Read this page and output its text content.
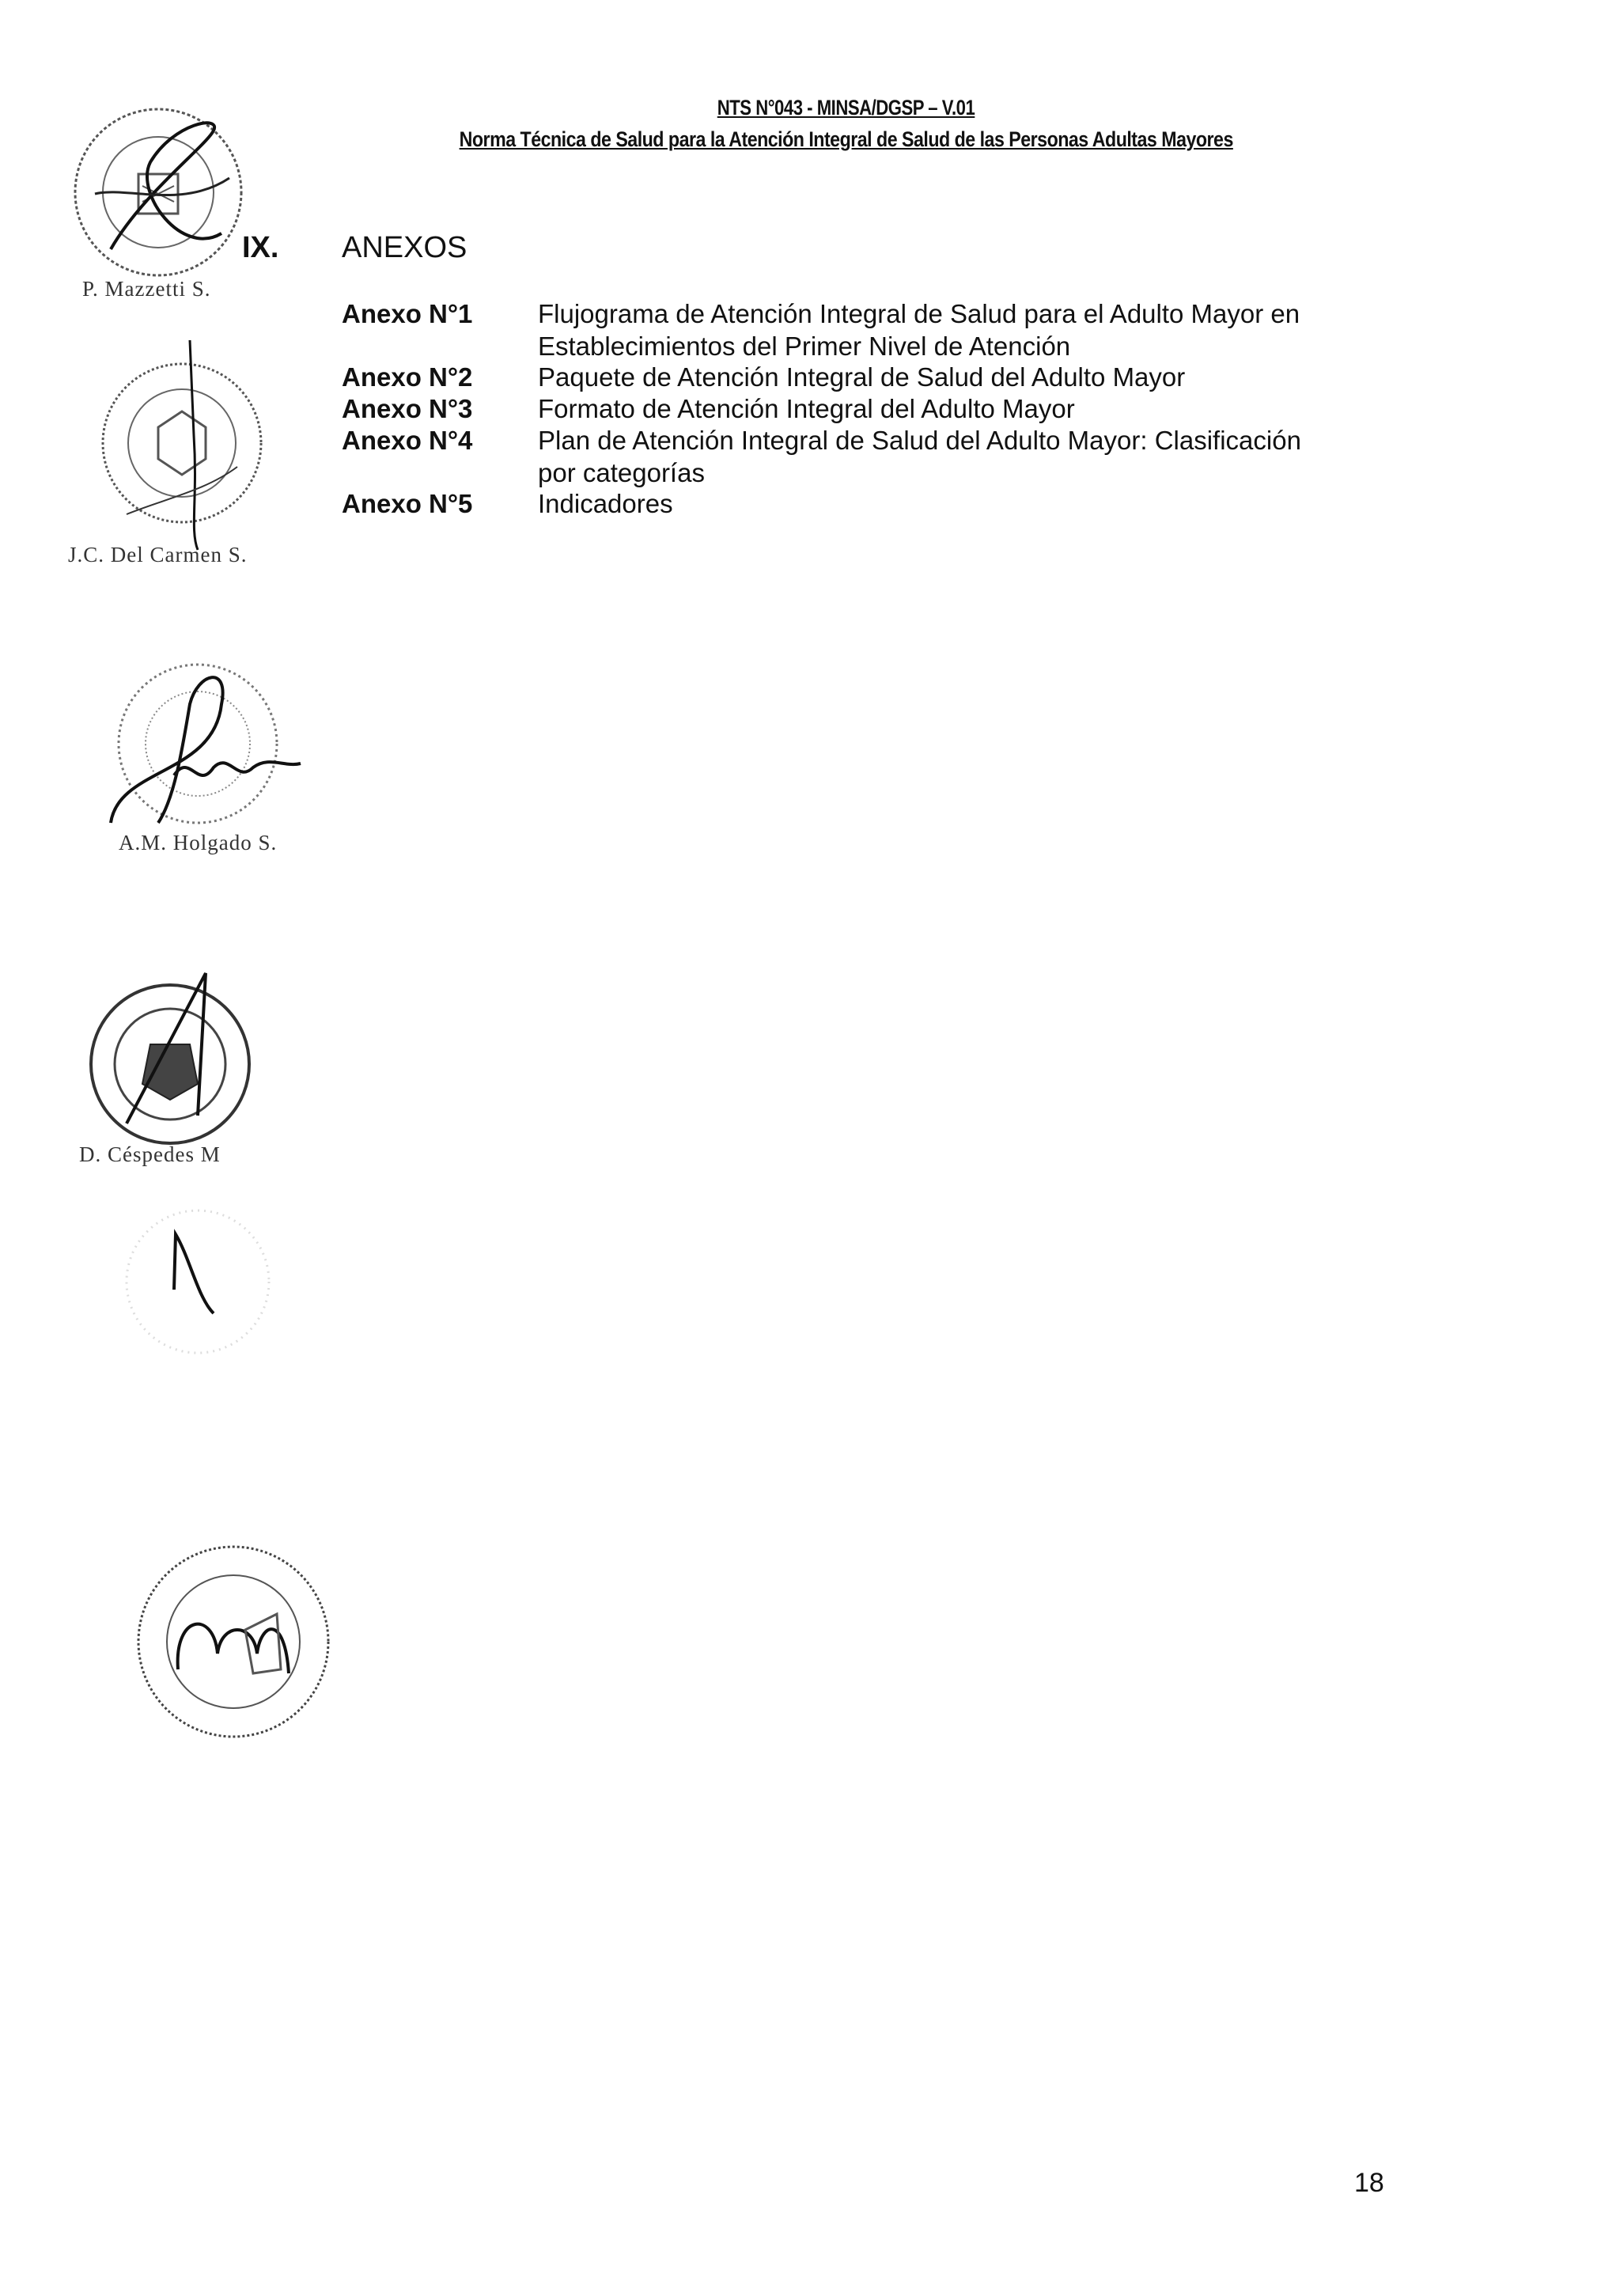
NTS N°043 - MINSA/DGSP – V.01
Norma Técnica de Salud para la Atención Integral de Salud de las Personas Adultas Mayores
IX. ANEXOS
Anexo N°1	Flujograma de Atención Integral de Salud para el Adulto Mayor en
Establecimientos del Primer Nivel de Atención
Anexo N°2	Paquete de Atención Integral de Salud del Adulto Mayor
Anexo N°3	Formato de Atención Integral del Adulto Mayor
Anexo N°4	Plan de Atención Integral de Salud del Adulto Mayor: Clasificación
por categorías
Anexo N°5	Indicadores
P. Mazzetti S.
J.C. Del Carmen S.
A.M. Holgado S.
D. Céspedes M
18
